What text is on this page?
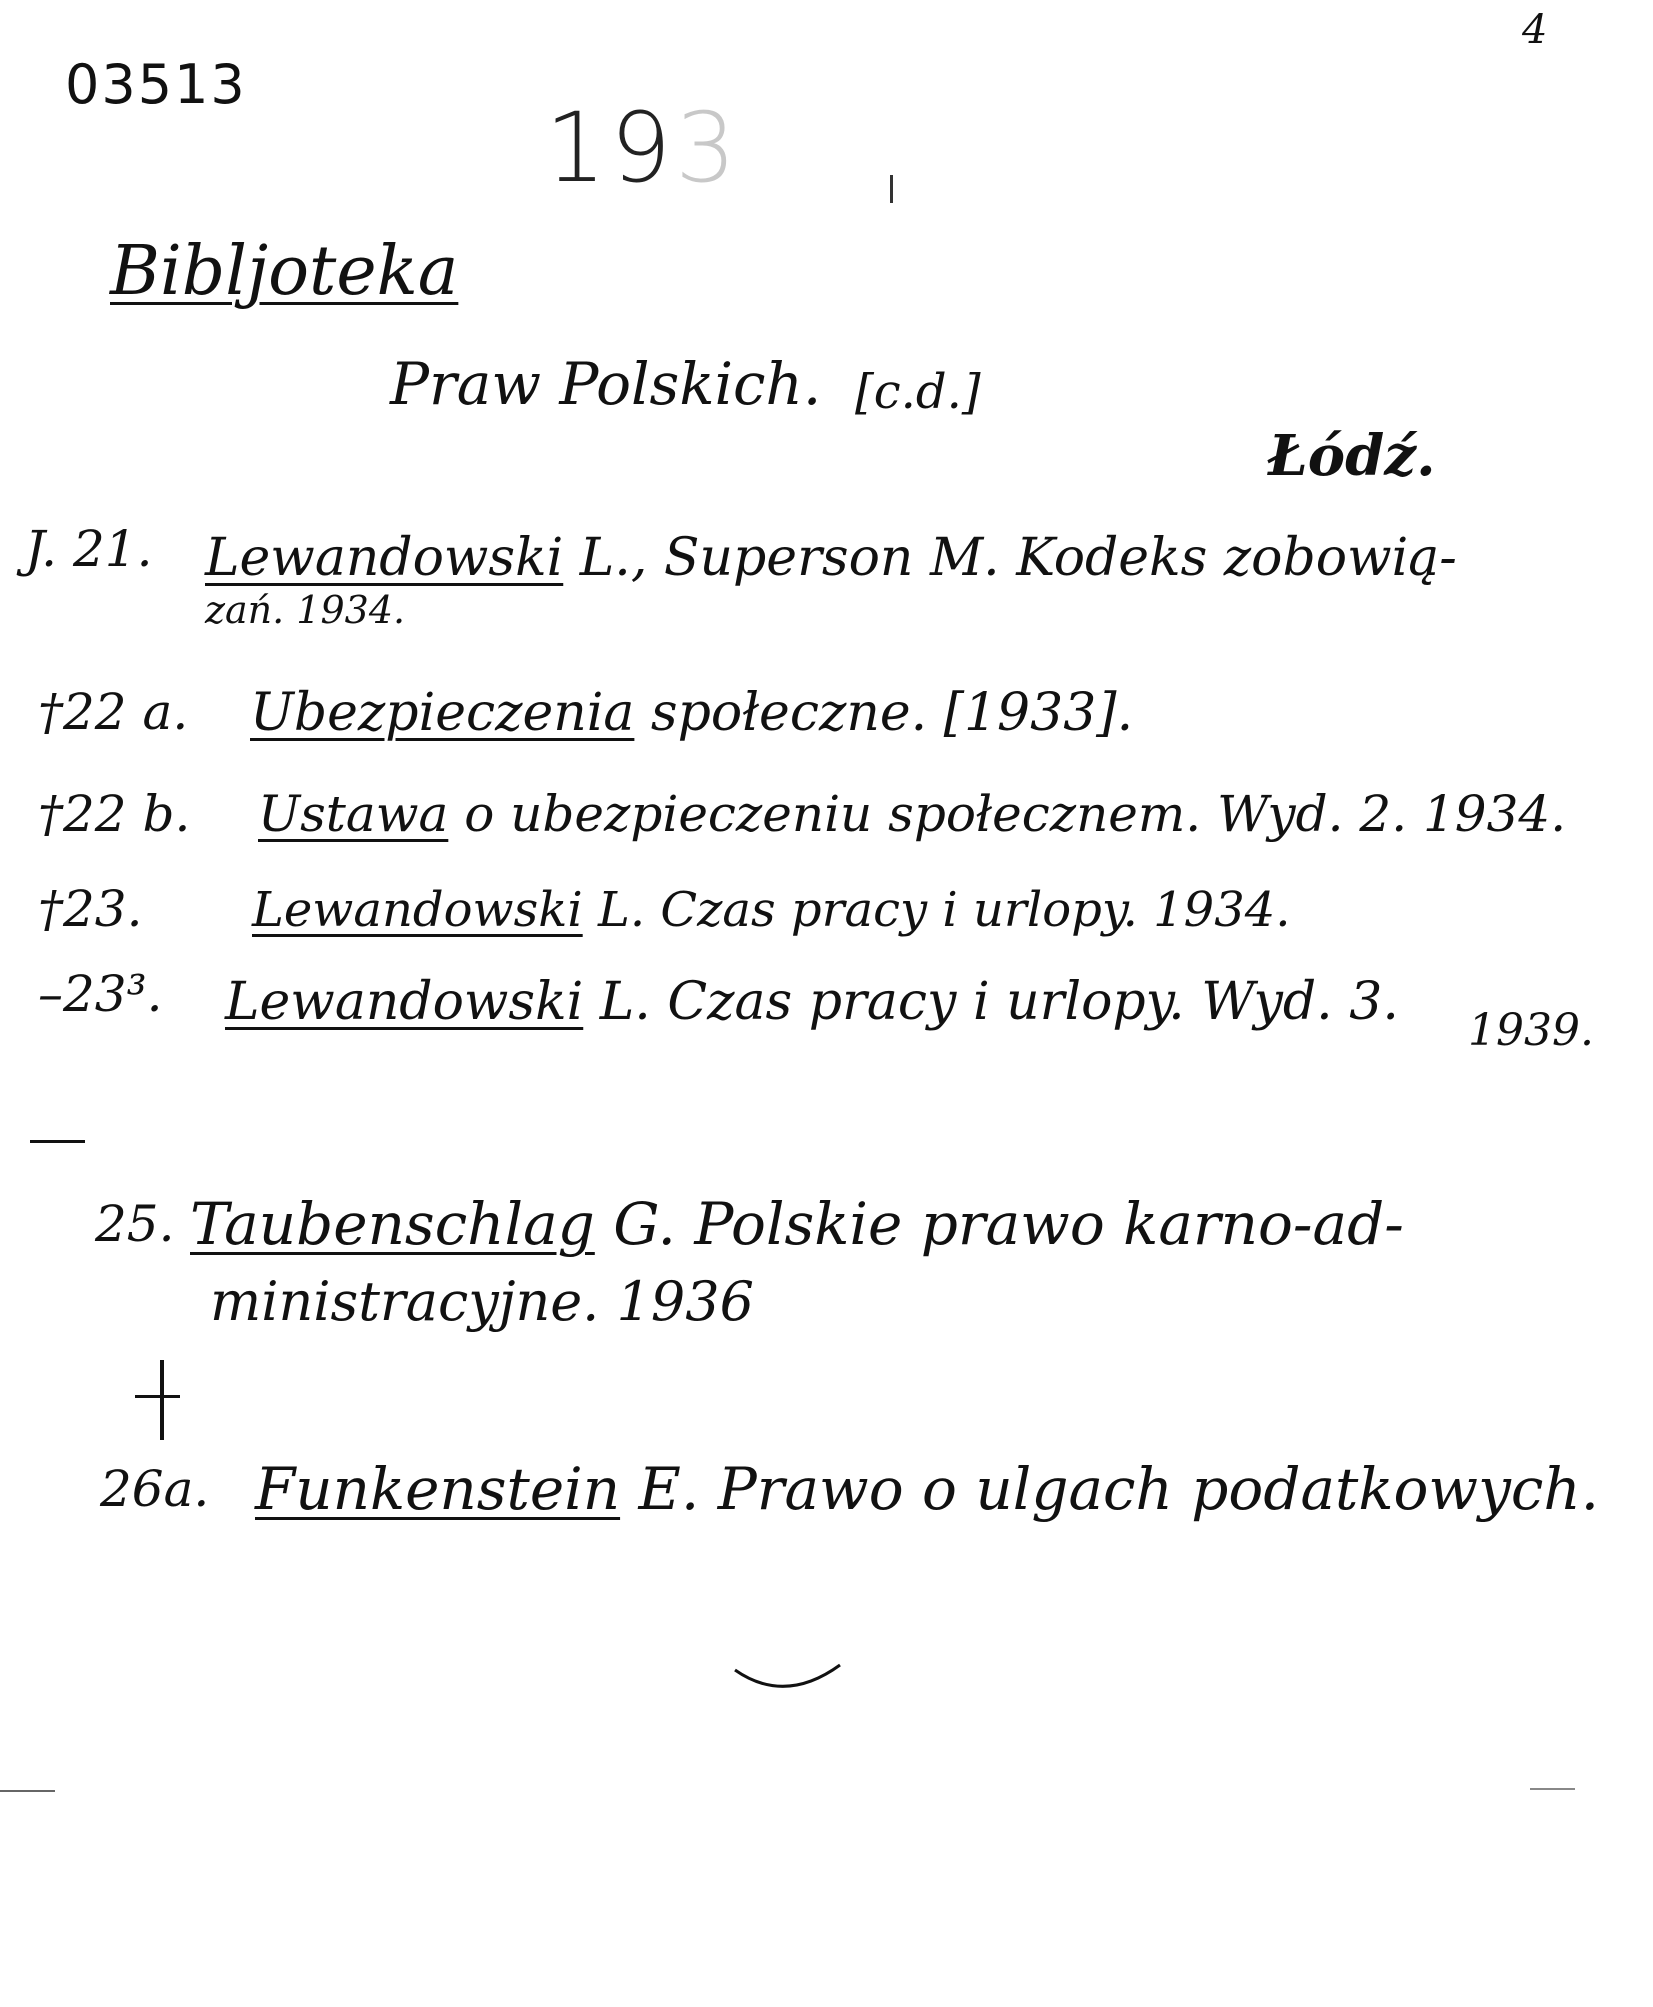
03513
4
193
Bibljoteka
Praw Polskich. [c.d.]
Łódź.
J. 21. Lewandowski L., Superson M. Kodeks zobowią-
zań. 1934.
†22 a. Ubezpieczenia społeczne. [1933].
†22 b. Ustawa o ubezpieczeniu społecznem. Wyd. 2. 1934.
†23. Lewandowski L. Czas pracy i urlopy. 1934.
–23³. Lewandowski L. Czas pracy i urlopy. Wyd. 3. 1939.
25. Taubenschlag G. Polskie prawo karno-ad-
ministracyjne. 1936
26a. Funkenstein E. Prawo o ulgach podatkowych.
